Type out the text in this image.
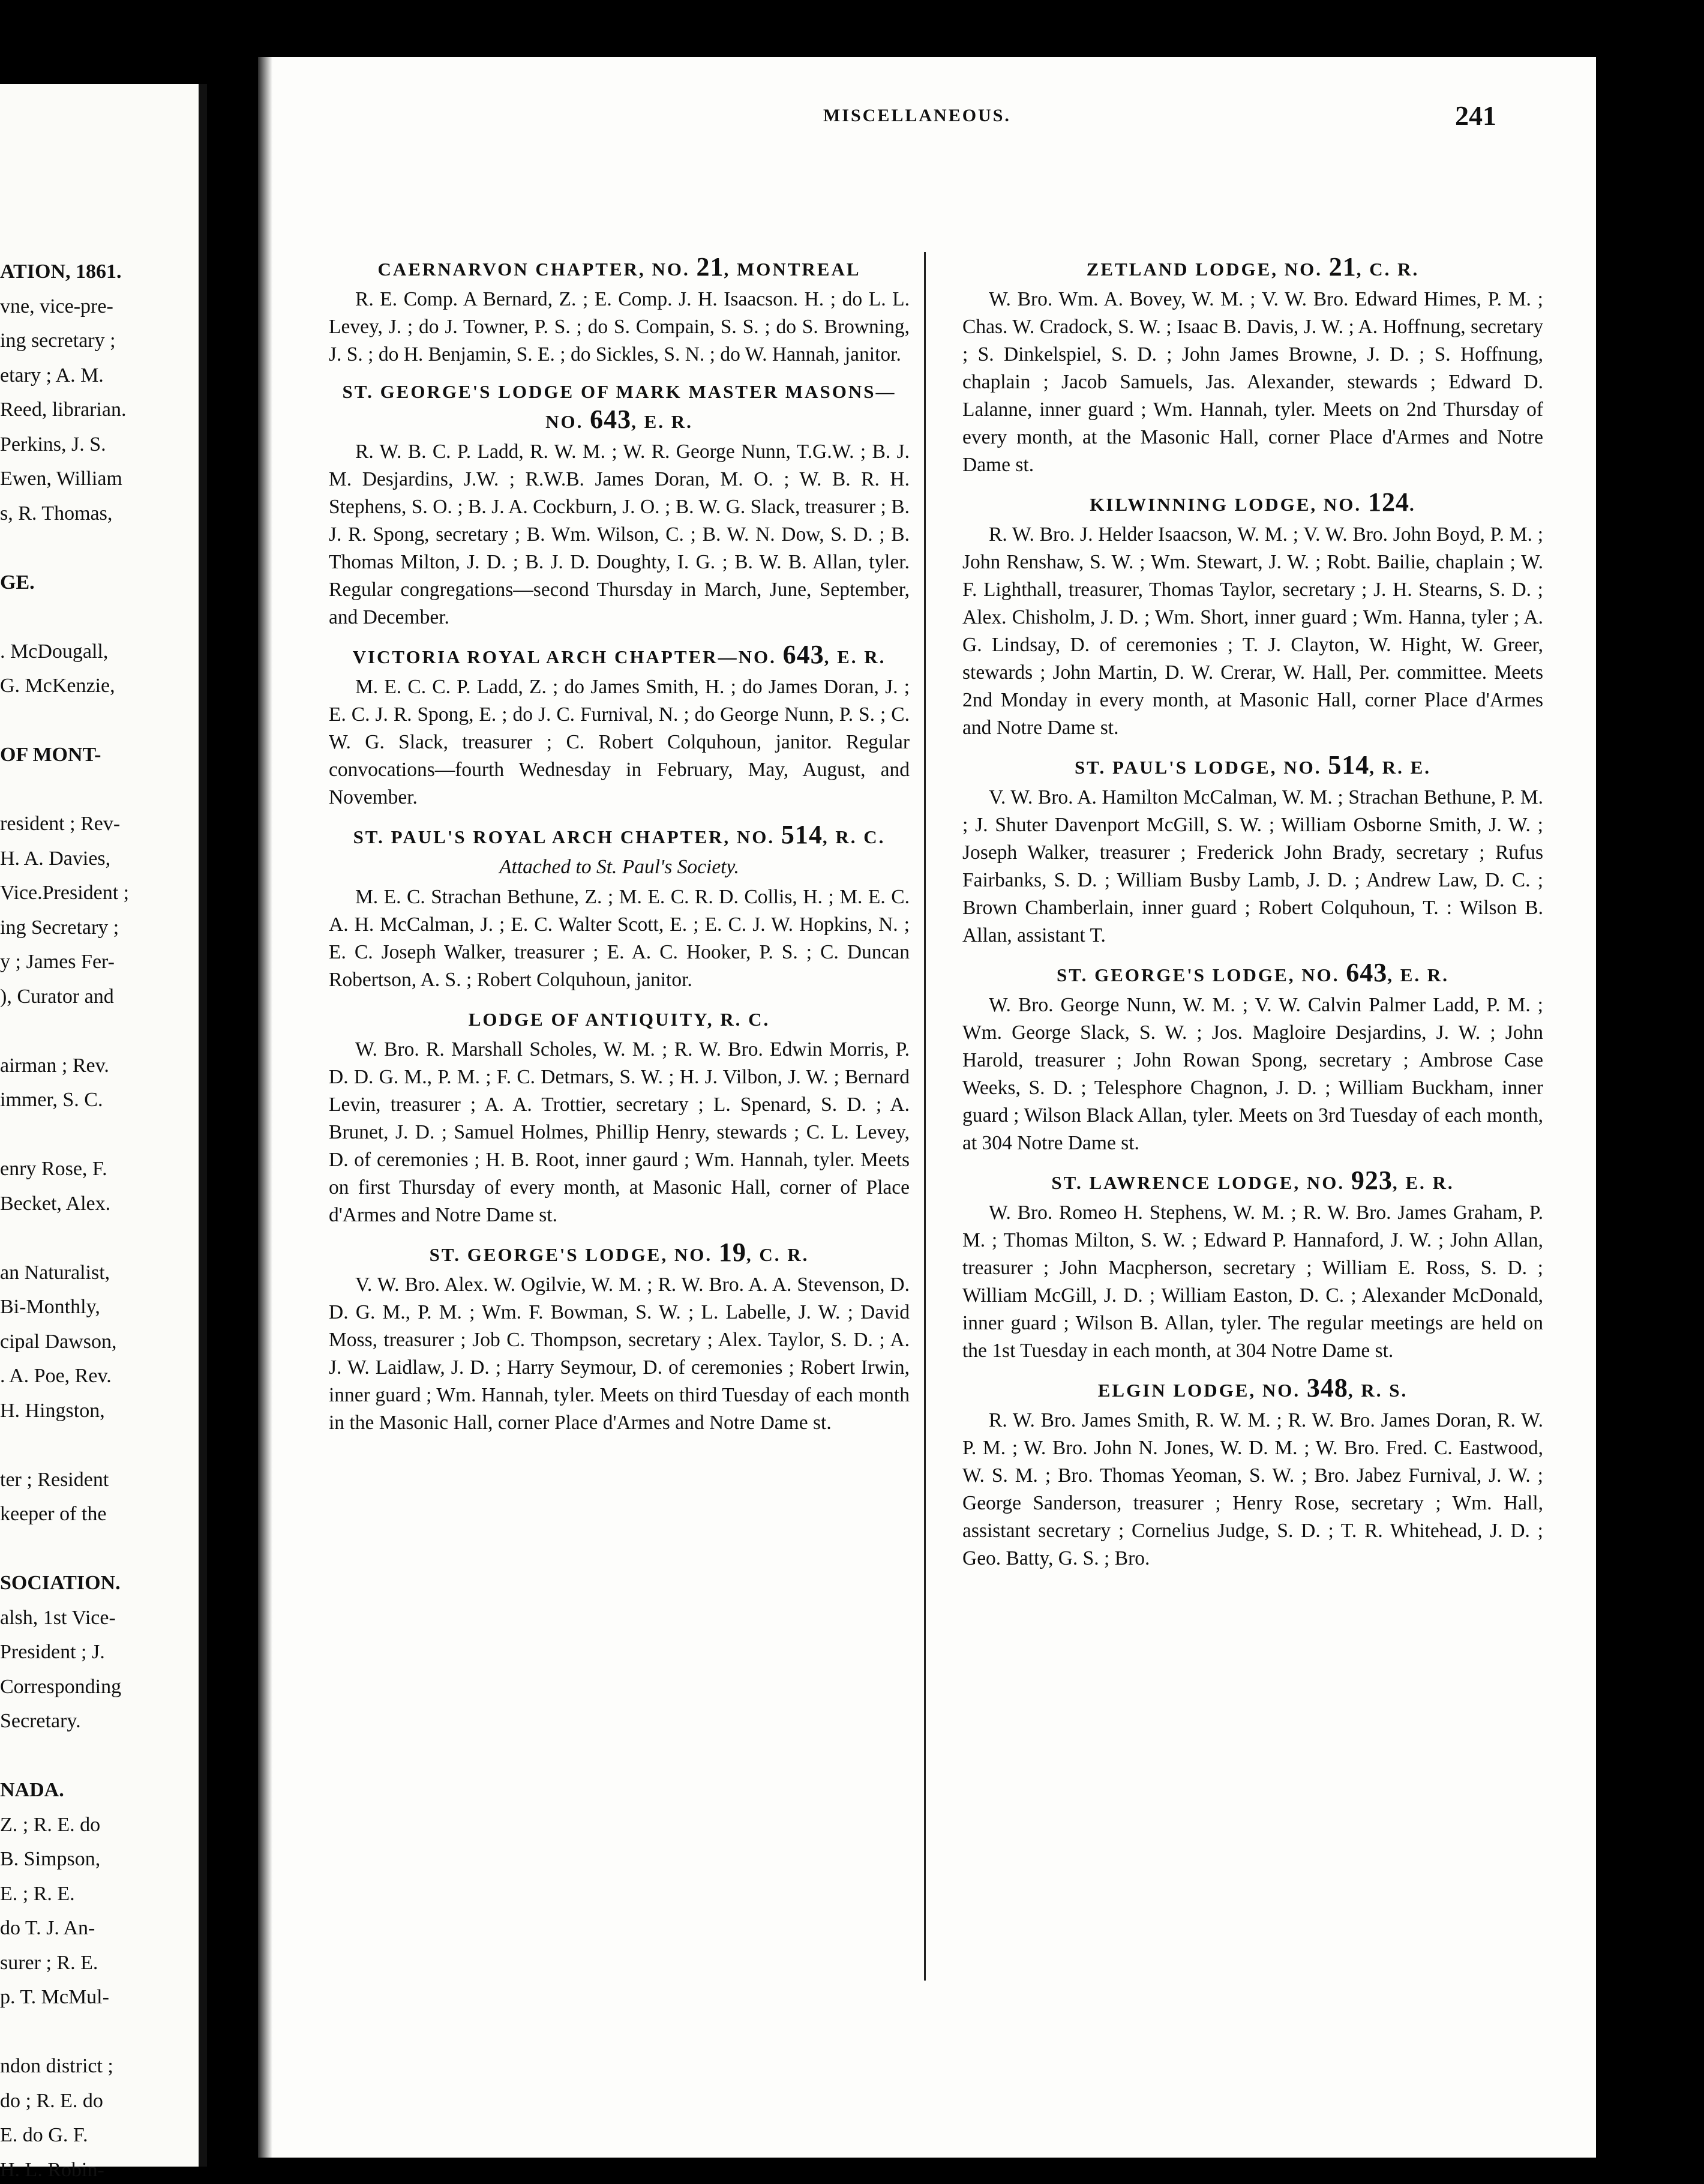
ATION, 1861.
vne, vice-pre-
ing secretary ;
etary ; A. M.
Reed, librarian.
Perkins, J. S.
Ewen, William
s, R. Thomas,
GE.
. McDougall,
G. McKenzie,
OF MONT-
resident ; Rev-
H. A. Davies,
Vice.President ;
ing Secretary ;
y ; James Fer-
), Curator and
airman ; Rev.
immer, S. C.
enry Rose, F.
Becket, Alex.
an Naturalist,
Bi-Monthly,
cipal Dawson,
. A. Poe, Rev.
H. Hingston,
ter ; Resident
keeper of the
SOCIATION.
alsh, 1st Vice-
President ; J.
Corresponding
Secretary.
NADA.
Z. ; R. E. do
B. Simpson,
E. ; R. E.
do T. J. An-
surer ; R. E.
p. T. McMul-
ndon district ;
do ; R. E. do
E. do G. F.
H. L. Robin-
MISCELLANEOUS.	241
CAERNARVON CHAPTER, NO. 21, MONTREAL
R. E. Comp. A Bernard, Z. ; E. Comp. J. H. Isaacson. H. ; do L. L. Levey, J. ; do J. Towner, P. S. ; do S. Compain, S. S. ; do S. Browning, J. S. ; do H. Benjamin, S. E. ; do Sickles, S. N. ; do W. Hannah, janitor.
ST. GEORGE'S LODGE OF MARK MASTER MASONS—NO. 643, E. R.
R. W. B. C. P. Ladd, R. W. M. ; W. R. George Nunn, T.G.W. ; B. J. M. Desjardins, J.W. ; R.W.B. James Doran, M. O. ; W. B. R. H. Stephens, S. O. ; B. J. A. Cockburn, J. O. ; B. W. G. Slack, treasurer ; B. J. R. Spong, secretary ; B. Wm. Wilson, C. ; B. W. N. Dow, S. D. ; B. Thomas Milton, J. D. ; B. J. D. Doughty, I. G. ; B. W. B. Allan, tyler. Regular congregations—second Thursday in March, June, September, and December.
VICTORIA ROYAL ARCH CHAPTER—NO. 643, E. R.
M. E. C. C. P. Ladd, Z. ; do James Smith, H. ; do James Doran, J. ; E. C. J. R. Spong, E. ; do J. C. Furnival, N. ; do George Nunn, P. S. ; C. W. G. Slack, treasurer ; C. Robert Colquhoun, janitor. Regular convocations—fourth Wednesday in February, May, August, and November.
ST. PAUL'S ROYAL ARCH CHAPTER, NO. 514, R. C.
Attached to St. Paul's Society.
M. E. C. Strachan Bethune, Z. ; M. E. C. R. D. Collis, H. ; M. E. C. A. H. McCalman, J. ; E. C. Walter Scott, E. ; E. C. J. W. Hopkins, N. ; E. C. Joseph Walker, treasurer ; E. A. C. Hooker, P. S. ; C. Duncan Robertson, A. S. ; Robert Colquhoun, janitor.
LODGE OF ANTIQUITY, R. C.
W. Bro. R. Marshall Scholes, W. M. ; R. W. Bro. Edwin Morris, P. D. D. G. M., P. M. ; F. C. Detmars, S. W. ; H. J. Vilbon, J. W. ; Bernard Levin, treasurer ; A. A. Trottier, secretary ; L. Spenard, S. D. ; A. Brunet, J. D. ; Samuel Holmes, Phillip Henry, stewards ; C. L. Levey, D. of ceremonies ; H. B. Root, inner gaurd ; Wm. Hannah, tyler. Meets on first Thursday of every month, at Masonic Hall, corner of Place d'Armes and Notre Dame st.
ST. GEORGE'S LODGE, NO. 19, C. R.
V. W. Bro. Alex. W. Ogilvie, W. M. ; R. W. Bro. A. A. Stevenson, D. D. G. M., P. M. ; Wm. F. Bowman, S. W. ; L. Labelle, J. W. ; David Moss, treasurer ; Job C. Thompson, secretary ; Alex. Taylor, S. D. ; A. J. W. Laidlaw, J. D. ; Harry Seymour, D. of ceremonies ; Robert Irwin, inner guard ; Wm. Hannah, tyler. Meets on third Tuesday of each month in the Masonic Hall, corner Place d'Armes and Notre Dame st.
ZETLAND LODGE, NO. 21, C. R.
W. Bro. Wm. A. Bovey, W. M. ; V. W. Bro. Edward Himes, P. M. ; Chas. W. Cradock, S. W. ; Isaac B. Davis, J. W. ; A. Hoffnung, secretary ; S. Dinkelspiel, S. D. ; John James Browne, J. D. ; S. Hoffnung, chaplain ; Jacob Samuels, Jas. Alexander, stewards ; Edward D. Lalanne, inner guard ; Wm. Hannah, tyler. Meets on 2nd Thursday of every month, at the Masonic Hall, corner Place d'Armes and Notre Dame st.
KILWINNING LODGE, NO. 124.
R. W. Bro. J. Helder Isaacson, W. M. ; V. W. Bro. John Boyd, P. M. ; John Renshaw, S. W. ; Wm. Stewart, J. W. ; Robt. Bailie, chaplain ; W. F. Lighthall, treasurer, Thomas Taylor, secretary ; J. H. Stearns, S. D. ; Alex. Chisholm, J. D. ; Wm. Short, inner guard ; Wm. Hanna, tyler ; A. G. Lindsay, D. of ceremonies ; T. J. Clayton, W. Hight, W. Greer, stewards ; John Martin, D. W. Crerar, W. Hall, Per. committee. Meets 2nd Monday in every month, at Masonic Hall, corner Place d'Armes and Notre Dame st.
ST. PAUL'S LODGE, NO. 514, R. E.
V. W. Bro. A. Hamilton McCalman, W. M. ; Strachan Bethune, P. M. ; J. Shuter Davenport McGill, S. W. ; William Osborne Smith, J. W. ; Joseph Walker, treasurer ; Frederick John Brady, secretary ; Rufus Fairbanks, S. D. ; William Busby Lamb, J. D. ; Andrew Law, D. C. ; Brown Chamberlain, inner guard ; Robert Colquhoun, T. : Wilson B. Allan, assistant T.
ST. GEORGE'S LODGE, NO. 643, E. R.
W. Bro. George Nunn, W. M. ; V. W. Calvin Palmer Ladd, P. M. ; Wm. George Slack, S. W. ; Jos. Magloire Desjardins, J. W. ; John Harold, treasurer ; John Rowan Spong, secretary ; Ambrose Case Weeks, S. D. ; Telesphore Chagnon, J. D. ; William Buckham, inner guard ; Wilson Black Allan, tyler. Meets on 3rd Tuesday of each month, at 304 Notre Dame st.
ST. LAWRENCE LODGE, NO. 923, E. R.
W. Bro. Romeo H. Stephens, W. M. ; R. W. Bro. James Graham, P. M. ; Thomas Milton, S. W. ; Edward P. Hannaford, J. W. ; John Allan, treasurer ; John Macpherson, secretary ; William E. Ross, S. D. ; William McGill, J. D. ; William Easton, D. C. ; Alexander McDonald, inner guard ; Wilson B. Allan, tyler. The regular meetings are held on the 1st Tuesday in each month, at 304 Notre Dame st.
ELGIN LODGE, NO. 348, R. S.
R. W. Bro. James Smith, R. W. M. ; R. W. Bro. James Doran, R. W. P. M. ; W. Bro. John N. Jones, W. D. M. ; W. Bro. Fred. C. Eastwood, W. S. M. ; Bro. Thomas Yeoman, S. W. ; Bro. Jabez Furnival, J. W. ; George Sanderson, treasurer ; Henry Rose, secretary ; Wm. Hall, assistant secretary ; Cornelius Judge, S. D. ; T. R. Whitehead, J. D. ; Geo. Batty, G. S. ; Bro.
